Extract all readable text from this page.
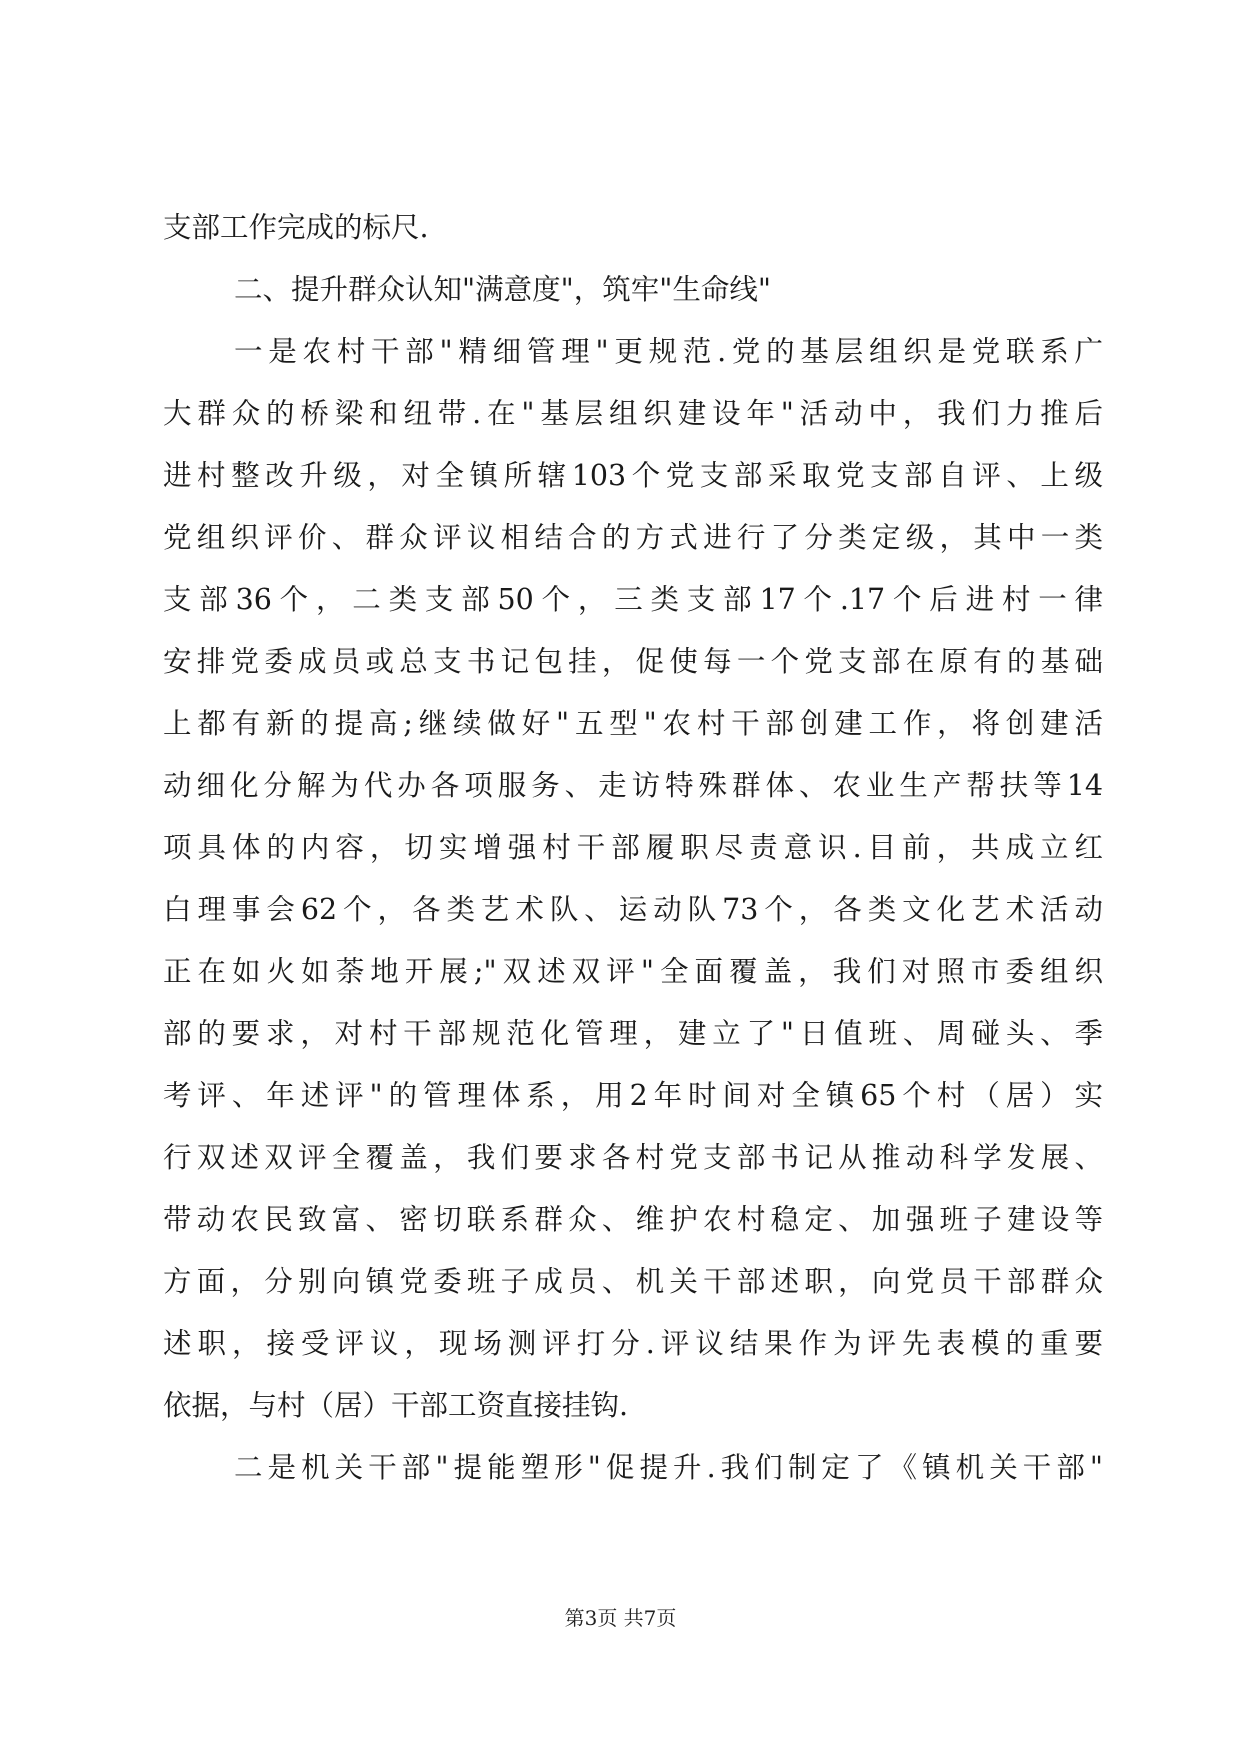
支部工作完成的标尺.
二、提升群众认知"满意度"，筑牢"生命线"
一是农村干部"精细管理"更规范.党的基层组织是党联系广
大群众的桥梁和纽带.在"基层组织建设年"活动中，我们力推后
进村整改升级，对全镇所辖103个党支部采取党支部自评、上级
党组织评价、群众评议相结合的方式进行了分类定级，其中一类
支部36个，二类支部50个，三类支部17个.17个后进村一律
安排党委成员或总支书记包挂，促使每一个党支部在原有的基础
上都有新的提高;继续做好"五型"农村干部创建工作，将创建活
动细化分解为代办各项服务、走访特殊群体、农业生产帮扶等14
项具体的内容，切实增强村干部履职尽责意识.目前，共成立红
白理事会62个，各类艺术队、运动队73个，各类文化艺术活动
正在如火如荼地开展;"双述双评"全面覆盖，我们对照市委组织
部的要求，对村干部规范化管理，建立了"日值班、周碰头、季
考评、年述评"的管理体系，用2年时间对全镇65个村（居）实
行双述双评全覆盖，我们要求各村党支部书记从推动科学发展、
带动农民致富、密切联系群众、维护农村稳定、加强班子建设等
方面，分别向镇党委班子成员、机关干部述职，向党员干部群众
述职，接受评议，现场测评打分.评议结果作为评先表模的重要
依据，与村（居）干部工资直接挂钩.
二是机关干部"提能塑形"促提升.我们制定了《镇机关干部"
第3页 共7页
